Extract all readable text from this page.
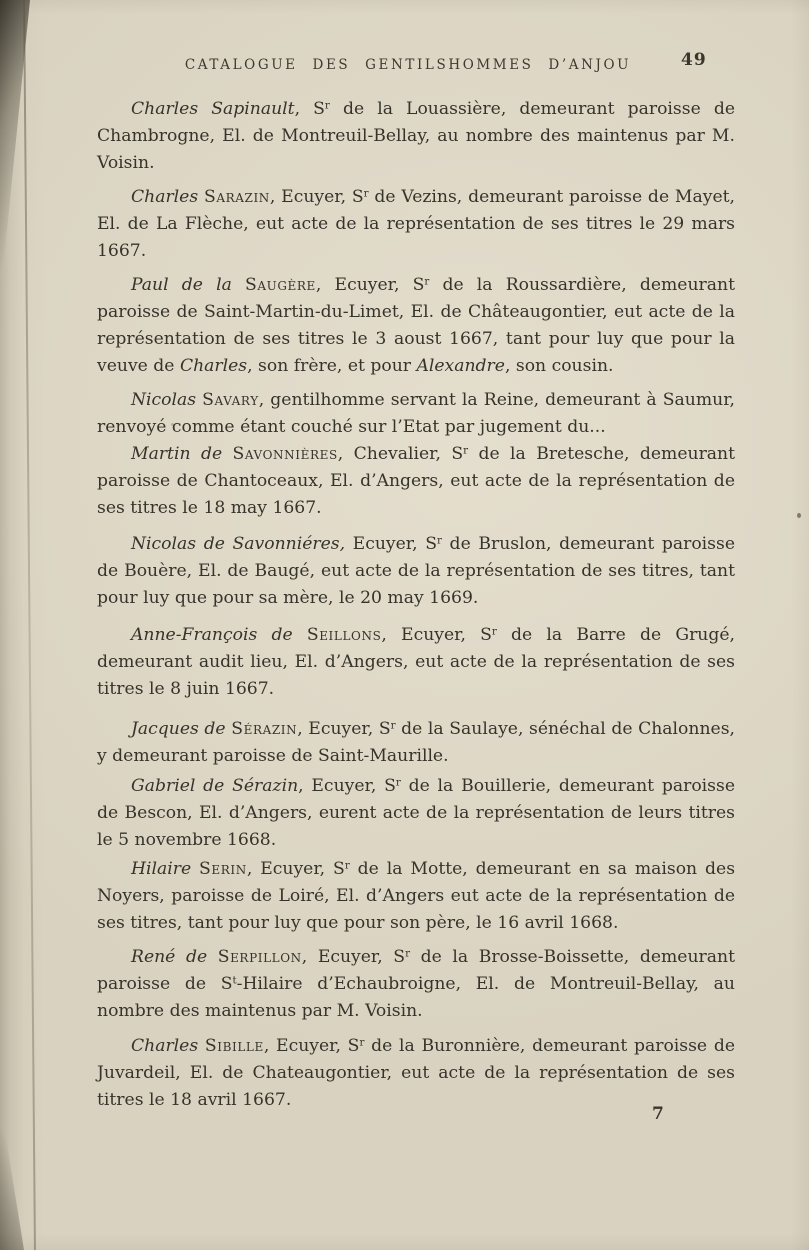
CATALOGUE DES GENTILSHOMMES D’ANJOU	49

Charles Sapinault, $S^r$ de la Louassière, demeurant paroisse de Chambrogne, El. de Montreuil-Bellay, au nombre des maintenus par M. Voisin.

Charles Sarazin, Ecuyer, $S^r$ de Vezins, demeurant paroisse de Mayet, El. de La Flèche, eut acte de la représentation de ses titres le 29 mars 1667.

Paul de la Saugère, Ecuyer, $S^r$ de la Roussardière, demeurant paroisse de Saint-Martin-du-Limet, El. de Châteaugontier, eut acte de la représentation de ses titres le 3 aoust 1667, tant pour luy que pour la veuve de Charles, son frère, et pour Alexandre, son cousin.

Nicolas Savary, gentilhomme servant la Reine, demeurant à Saumur, renvoyé comme étant couché sur l’Etat par jugement du...

Martin de Savonnières, Chevalier, $S^r$ de la Bretesche, demeurant paroisse de Chantoceaux, El. d’Angers, eut acte de la représentation de ses titres le 18 may 1667.

Nicolas de Savonniéres, Ecuyer, $S^r$ de Bruslon, demeurant paroisse de Bouère, El. de Baugé, eut acte de la représentation de ses titres, tant pour luy que pour sa mère, le 20 may 1669.

Anne-François de Seillons, Ecuyer, $S^r$ de la Barre de Grugé, demeurant audit lieu, El. d’Angers, eut acte de la représentation de ses titres le 8 juin 1667.

Jacques de Sérazin, Ecuyer, $S^r$ de la Saulaye, sénéchal de Chalonnes, y demeurant paroisse de Saint-Maurille.

Gabriel de Sérazin, Ecuyer, $S^r$ de la Bouillerie, demeurant paroisse de Bescon, El. d’Angers, eurent acte de la représentation de leurs titres le 5 novembre 1668.

Hilaire Serin, Ecuyer, $S^r$ de la Motte, demeurant en sa maison des Noyers, paroisse de Loiré, El. d’Angers eut acte de la représentation de ses titres, tant pour luy que pour son père, le 16 avril 1668.

René de Serpillon, Ecuyer, $S^r$ de la Brosse-Boissette, demeurant paroisse de $S^t$-Hilaire d’Echaubroigne, El. de Montreuil-Bellay, au nombre des maintenus par M. Voisin.

Charles Sibille, Ecuyer, $S^r$ de la Buronnière, demeurant paroisse de Juvardeil, El. de Chateaugontier, eut acte de la représentation de ses titres le 18 avril 1667.

7
